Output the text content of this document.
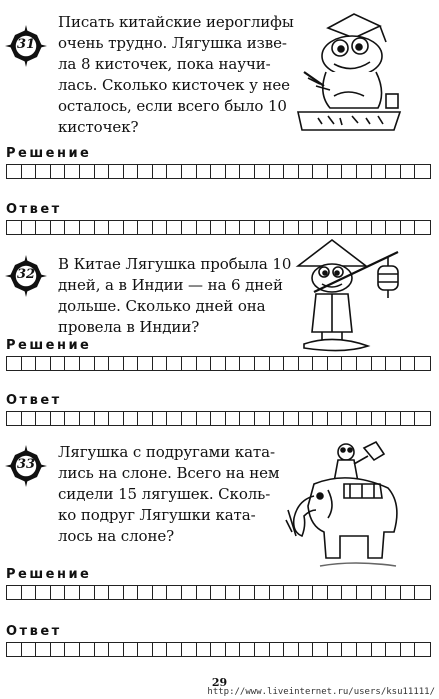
31
Писать китайские иероглифы
очень трудно. Лягушка изве-
ла 8 кисточек, пока научи-
лась. Сколько кисточек у нее
осталось, если всего было 10
кисточек?
Решение
Ответ
32
В Китае Лягушка пробыла 10
дней, а в Индии — на 6 дней
дольше. Сколько дней она
провела в Индии?
Решение
Ответ
33
Лягушка с подругами ката-
лись на слоне. Всего на нем
сидели 15 лягушек. Сколь-
ко подруг Лягушки ката-
лось на слоне?
Решение
Ответ
29
http://www.liveinternet.ru/users/ksu11111/
